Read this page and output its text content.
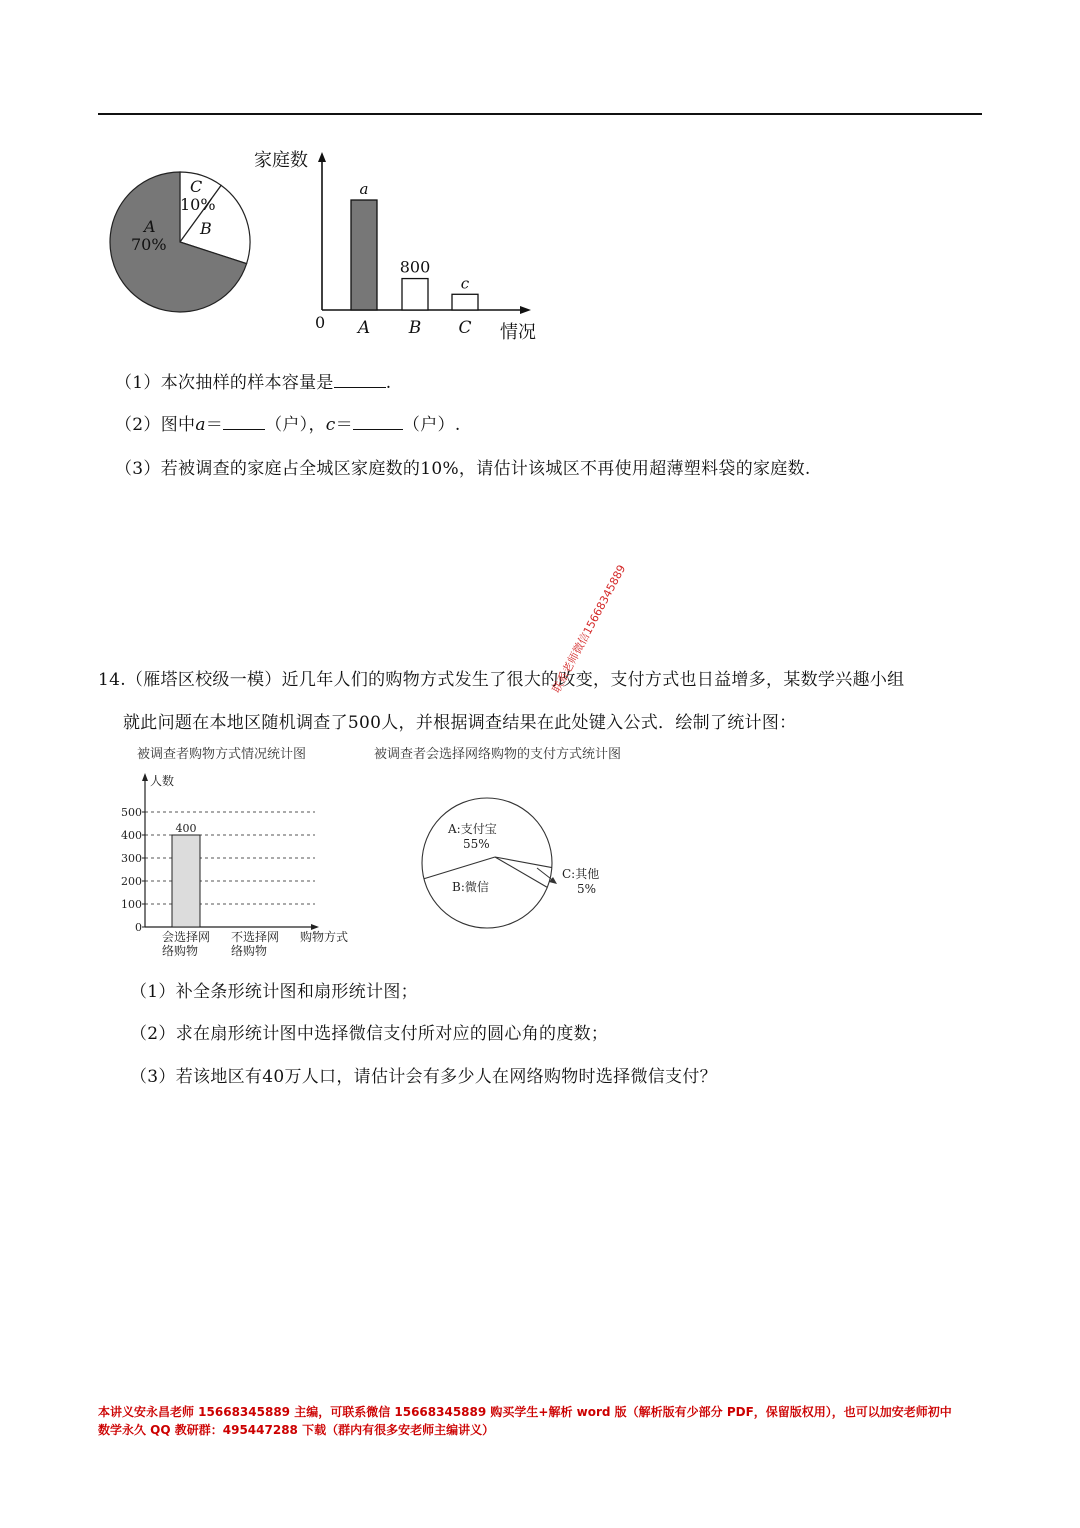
C
10%
B
A
70%
家庭数
情况
0
a
A
800
B
c
C
（1）本次抽样的样本容量是	.
（2）图中a＝ （户），c＝	（户）.
（3）若被调查的家庭占全城区家庭数的10%，请估计该城区不再使用超薄塑料袋的家庭数.
14.（雁塔区校级一模）近几年人们的购物方式发生了很大的改变，支付方式也日益增多，某数学兴趣小组
就此问题在本地区随机调查了500人，并根据调查结果在此处键入公式．绘制了统计图：
联系老师微信15668345889
被调查者购物方式情况统计图	被调查者会选择网络购物的支付方式统计图
0
100
200
300
400
500
人数
购物方式
400
会选择网
络购物
不选择网
络购物
A:支付宝
55%
B:微信
C:其他
5%
（1）补全条形统计图和扇形统计图；
（2）求在扇形统计图中选择微信支付所对应的圆心角的度数；
（3）若该地区有40万人口，请估计会有多少人在网络购物时选择微信支付？
本讲义安永昌老师 15668345889 主编，可联系微信 15668345889 购买学生+解析 word 版（解析版有少部分 PDF，保留版权用），也可以加安老师初中
数学永久 QQ 教研群：495447288 下载（群内有很多安老师主编讲义）
